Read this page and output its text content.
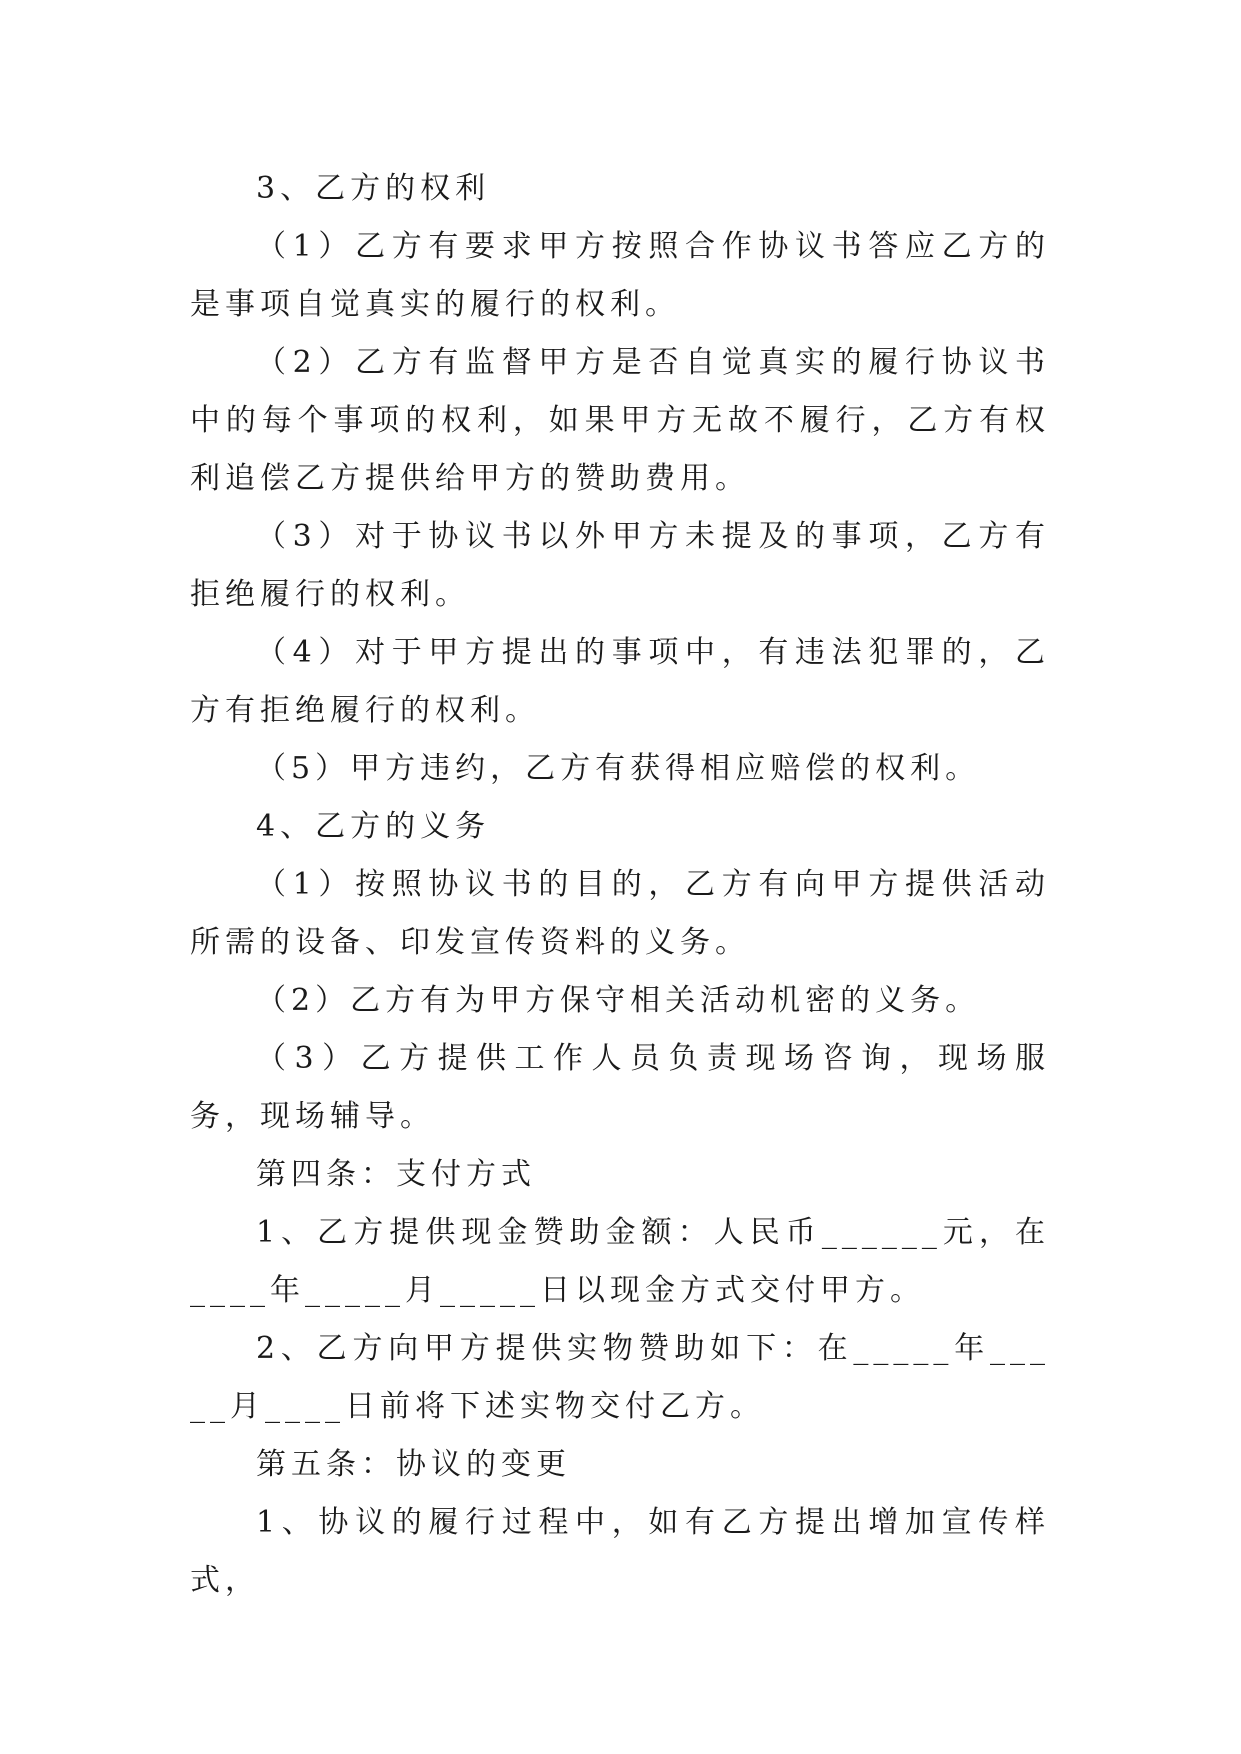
3、乙方的权利

（1）乙方有要求甲方按照合作协议书答应乙方的是事项自觉真实的履行的权利。

（2）乙方有监督甲方是否自觉真实的履行协议书中的每个事项的权利，如果甲方无故不履行，乙方有权利追偿乙方提供给甲方的赞助费用。

（3）对于协议书以外甲方未提及的事项，乙方有拒绝履行的权利。

（4）对于甲方提出的事项中，有违法犯罪的，乙方有拒绝履行的权利。

（5）甲方违约，乙方有获得相应赔偿的权利。

4、乙方的义务

（1）按照协议书的目的，乙方有向甲方提供活动所需的设备、印发宣传资料的义务。

（2）乙方有为甲方保守相关活动机密的义务。

（3）乙方提供工作人员负责现场咨询，现场服务，现场辅导。

第四条：支付方式

1、乙方提供现金赞助金额：人民币______元，在____年_____月_____日以现金方式交付甲方。

2、乙方向甲方提供实物赞助如下：在_____年_____月____日前将下述实物交付乙方。

第五条：协议的变更

1、协议的履行过程中，如有乙方提出增加宣传样式，
